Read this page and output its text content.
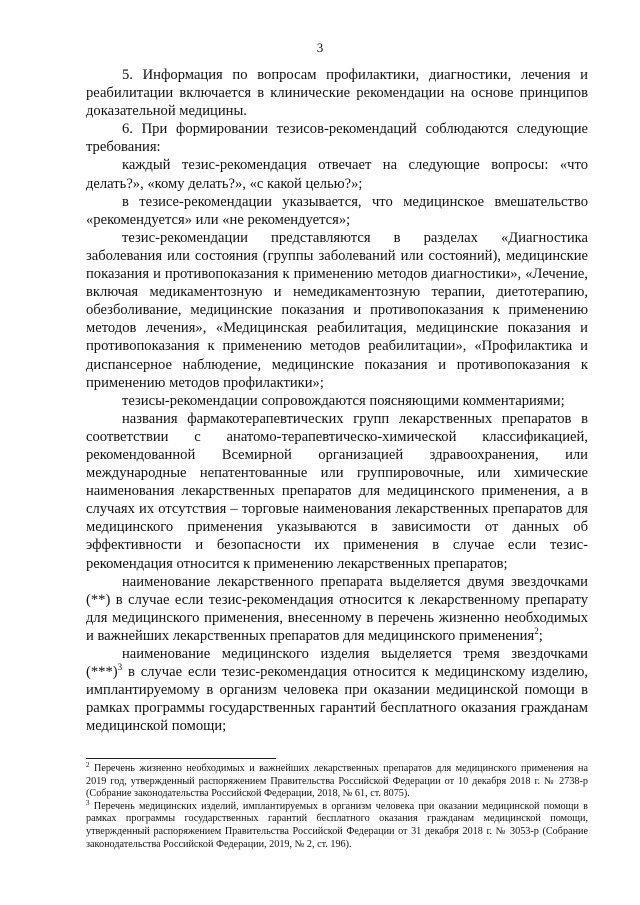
3

5. Информация по вопросам профилактики, диагностики, лечения и реабилитации включается в клинические рекомендации на основе принципов доказательной медицины.

6. При формировании тезисов-рекомендаций соблюдаются следующие требования:

каждый тезис-рекомендация отвечает на следующие вопросы: «что делать?», «кому делать?», «с какой целью?»;

в тезисе-рекомендации указывается, что медицинское вмешательство «рекомендуется» или «не рекомендуется»;

тезис-рекомендации представляются в разделах «Диагностика заболевания или состояния (группы заболеваний или состояний), медицинские показания и противопоказания к применению методов диагностики», «Лечение, включая медикаментозную и немедикаментозную терапии, диетотерапию, обезболивание, медицинские показания и противопоказания к применению методов лечения», «Медицинская реабилитация, медицинские показания и противопоказания к применению методов реабилитации», «Профилактика и диспансерное наблюдение, медицинские показания и противопоказания к применению методов профилактики»;

тезисы-рекомендации сопровождаются поясняющими комментариями;

названия фармакотерапевтических групп лекарственных препаратов в соответствии с анатомо-терапевтическо-химической классификацией, рекомендованной Всемирной организацией здравоохранения, или международные непатентованные или группировочные, или химические наименования лекарственных препаратов для медицинского применения, а в случаях их отсутствия – торговые наименования лекарственных препаратов для медицинского применения указываются в зависимости от данных об эффективности и безопасности их применения в случае если тезис-рекомендация относится к применению лекарственных препаратов;

наименование лекарственного препарата выделяется двумя звездочками (**) в случае если тезис-рекомендация относится к лекарственному препарату для медицинского применения, внесенному в перечень жизненно необходимых и важнейших лекарственных препаратов для медицинского применения$^2$;

наименование медицинского изделия выделяется тремя звездочками $(***)^3$ в случае если тезис-рекомендация относится к медицинскому изделию, имплантируемому в организм человека при оказании медицинской помощи в рамках программы государственных гарантий бесплатного оказания гражданам медицинской помощи;

$^2$ Перечень жизненно необходимых и важнейших лекарственных препаратов для медицинского применения на 2019 год, утвержденный распоряжением Правительства Российской Федерации от 10 декабря 2018 г. № 2738-р (Собрание законодательства Российской Федерации, 2018, № 61, ст. 8075).

$^3$ Перечень медицинских изделий, имплантируемых в организм человека при оказании медицинской помощи в рамках программы государственных гарантий бесплатного оказания гражданам медицинской помощи, утвержденный распоряжением Правительства Российской Федерации от 31 декабря 2018 г. № 3053-р (Собрание законодательства Российской Федерации, 2019, № 2, ст. 196).
